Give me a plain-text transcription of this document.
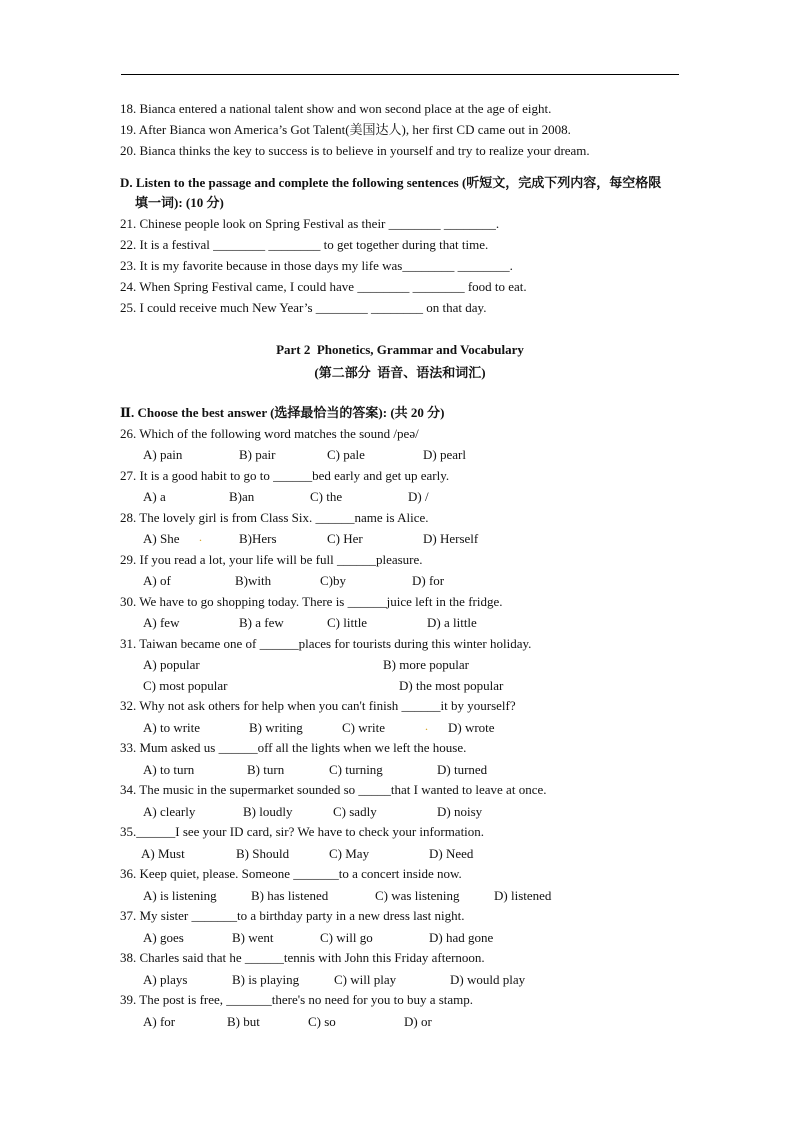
18. Bianca entered a national talent show and won second place at the age of eight.
19. After Bianca won America’s Got Talent(美国达人), her first CD came out in 2008.
20. Bianca thinks the key to success is to believe in yourself and try to realize your dream.
D. Listen to the passage and complete the following sentences (听短文，完成下列内容，每空格限
填一词): (10 分)
21. Chinese people look on Spring Festival as their ________ ________.
22. It is a festival ________ ________ to get together during that time.
23. It is my favorite because in those days my life was________ ________.
24. When Spring Festival came, I could have ________ ________ food to eat.
25. I could receive much New Year’s ________ ________ on that day.
Part 2  Phonetics, Grammar and Vocabulary
(第二部分  语音、语法和词汇)
Ⅱ. Choose the best answer (选择最恰当的答案): (共 20 分)
26. Which of the following word matches the sound /peə/
A) pain	B) pair	C) pale	D) pearl
27. It is a good habit to go to ______bed early and get up early.
A) a	B)an	C) the	D) /
28. The lovely girl is from Class Six. ______name is Alice.
A) She .	B)Hers	C) Her	D) Herself
29. If you read a lot, your life will be full ______pleasure.
A) of	B)with	C)by	D) for
30. We have to go shopping today. There is ______juice left in the fridge.
A) few	B) a few	C) little	D) a little
31. Taiwan became one of ______places for tourists during this winter holiday.
A) popular	B) more popular
C) most popular	D) the most popular
32. Why not ask others for help when you can't finish ______it by yourself?
A) to write	B) writing	C) write	. D) wrote
33. Mum asked us ______off all the lights when we left the house.
A) to turn	B) turn	C) turning	D) turned
34. The music in the supermarket sounded so _____that I wanted to leave at once.
A) clearly	B) loudly	C) sadly	D) noisy
35.______I see your ID card, sir? We have to check your information.
A) Must	B) Should	C) May	D) Need
36. Keep quiet, please. Someone _______to a concert inside now.
A) is listening	B) has listened	C) was listening	D) listened
37. My sister _______to a birthday party in a new dress last night.
A) goes	B) went	C) will go	D) had gone
38. Charles said that he ______tennis with John this Friday afternoon.
A) plays	B) is playing	C) will play	D) would play
39. The post is free, _______there's no need for you to buy a stamp.
A) for	B) but	C) so	D) or
